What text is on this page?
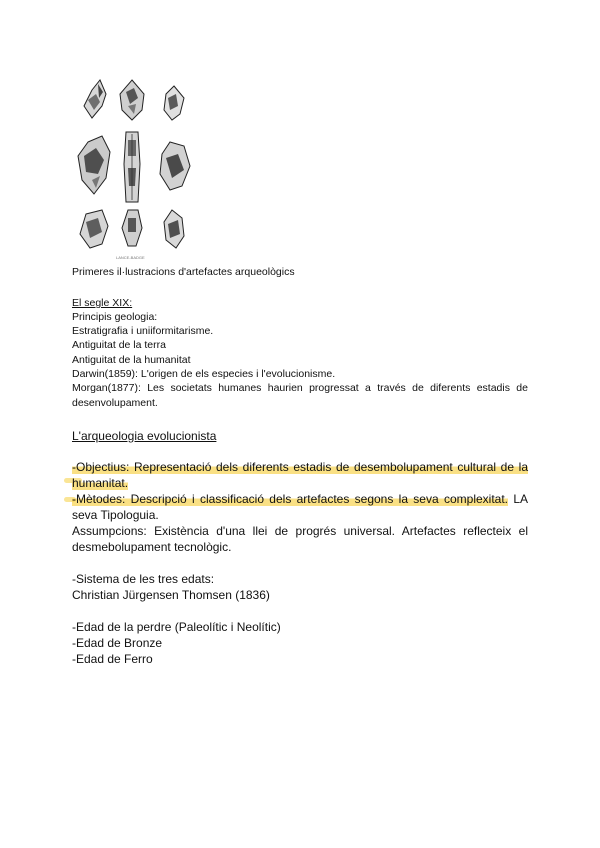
LANCE-BADGE
Primeres il·lustracions d'artefactes arqueològics
El segle XIX:
Principis geologia:
Estratigrafia i uniiformitarisme.
Antiguitat de la terra
Antiguitat de la humanitat
Darwin(1859): L'origen de els especies i l'evolucionisme.
Morgan(1877): Les societats humanes haurien progressat a través de diferents estadis de desenvolupament.
L'arqueologia evolucionista
-Objectius: Representació dels diferents estadis de desembolupament cultural de la humanitat.
-Mètodes: Descripció i classificació dels artefactes segons la seva complexitat. LA seva Tipologuia.
Assumpcions: Existència d'una llei de progrés universal. Artefactes reflecteix el desmebolupament tecnològic.
-Sistema de les tres edats:
Christian Jürgensen Thomsen (1836)
-Edad de la perdre (Paleolític i Neolític)
-Edad de Bronze
-Edad de Ferro
